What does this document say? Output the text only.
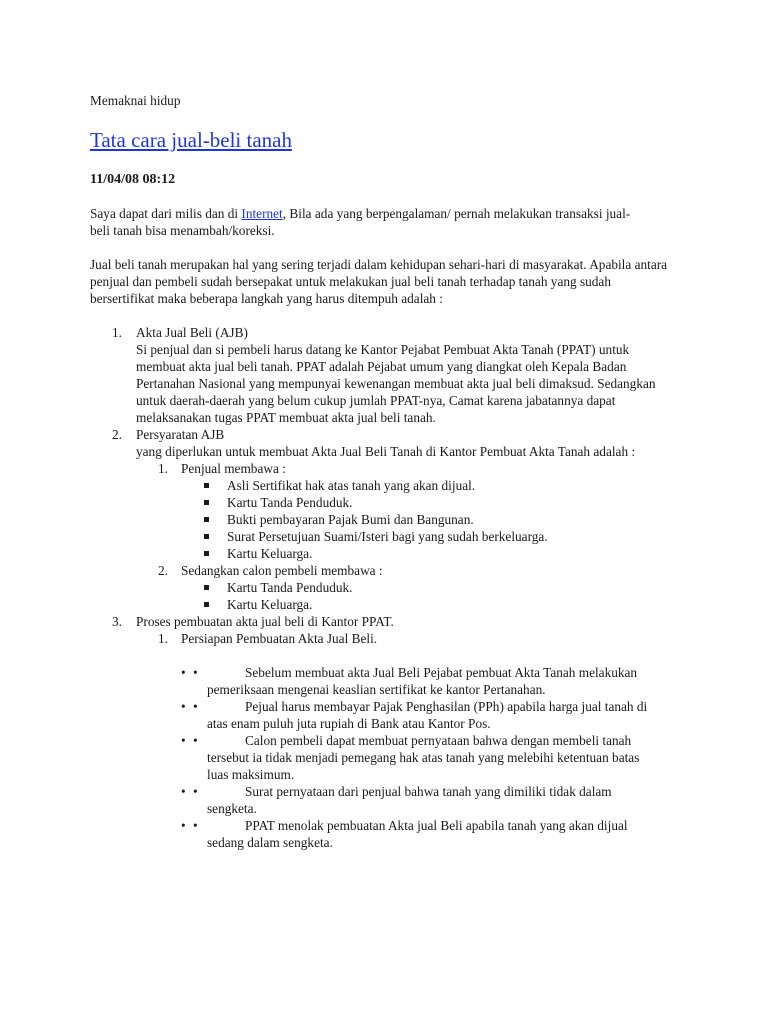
Memaknai hidup

Tata cara jual-beli tanah

11/04/08 08:12

Saya dapat dari milis dan di Internet, Bila ada yang berpengalaman/ pernah melakukan transaksi jual-beli tanah bisa menambah/koreksi.

Jual beli tanah merupakan hal yang sering terjadi dalam kehidupan sehari-hari di masyarakat. Apabila antara penjual dan pembeli sudah bersepakat untuk melakukan jual beli tanah terhadap tanah yang sudah bersertifikat maka beberapa langkah yang harus ditempuh adalah :

1. Akta Jual Beli (AJB)
Si penjual dan si pembeli harus datang ke Kantor Pejabat Pembuat Akta Tanah (PPAT) untuk membuat akta jual beli tanah. PPAT adalah Pejabat umum yang diangkat oleh Kepala Badan Pertanahan Nasional yang mempunyai kewenangan membuat akta jual beli dimaksud. Sedangkan untuk daerah-daerah yang belum cukup jumlah PPAT-nya, Camat karena jabatannya dapat melaksanakan tugas PPAT membuat akta jual beli tanah.
2. Persyaratan AJB
yang diperlukan untuk membuat Akta Jual Beli Tanah di Kantor Pembuat Akta Tanah adalah :
1. Penjual membawa :
Asli Sertifikat hak atas tanah yang akan dijual.
Kartu Tanda Penduduk.
Bukti pembayaran Pajak Bumi dan Bangunan.
Surat Persetujuan Suami/Isteri bagi yang sudah berkeluarga.
Kartu Keluarga.
2. Sedangkan calon pembeli membawa :
Kartu Tanda Penduduk.
Kartu Keluarga.
3. Proses pembuatan akta jual beli di Kantor PPAT.
1. Persiapan Pembuatan Akta Jual Beli.
• •	Sebelum membuat akta Jual Beli Pejabat pembuat Akta Tanah melakukan pemeriksaan mengenai keaslian sertifikat ke kantor Pertanahan.
• •	Pejual harus membayar Pajak Penghasilan (PPh) apabila harga jual tanah di atas enam puluh juta rupiah di Bank atau Kantor Pos.
• •	Calon pembeli dapat membuat pernyataan bahwa dengan membeli tanah tersebut ia tidak menjadi pemegang hak atas tanah yang melebihi ketentuan batas luas maksimum.
• •	Surat pernyataan dari penjual bahwa tanah yang dimiliki tidak dalam sengketa.
• •	PPAT menolak pembuatan Akta jual Beli apabila tanah yang akan dijual sedang dalam sengketa.
